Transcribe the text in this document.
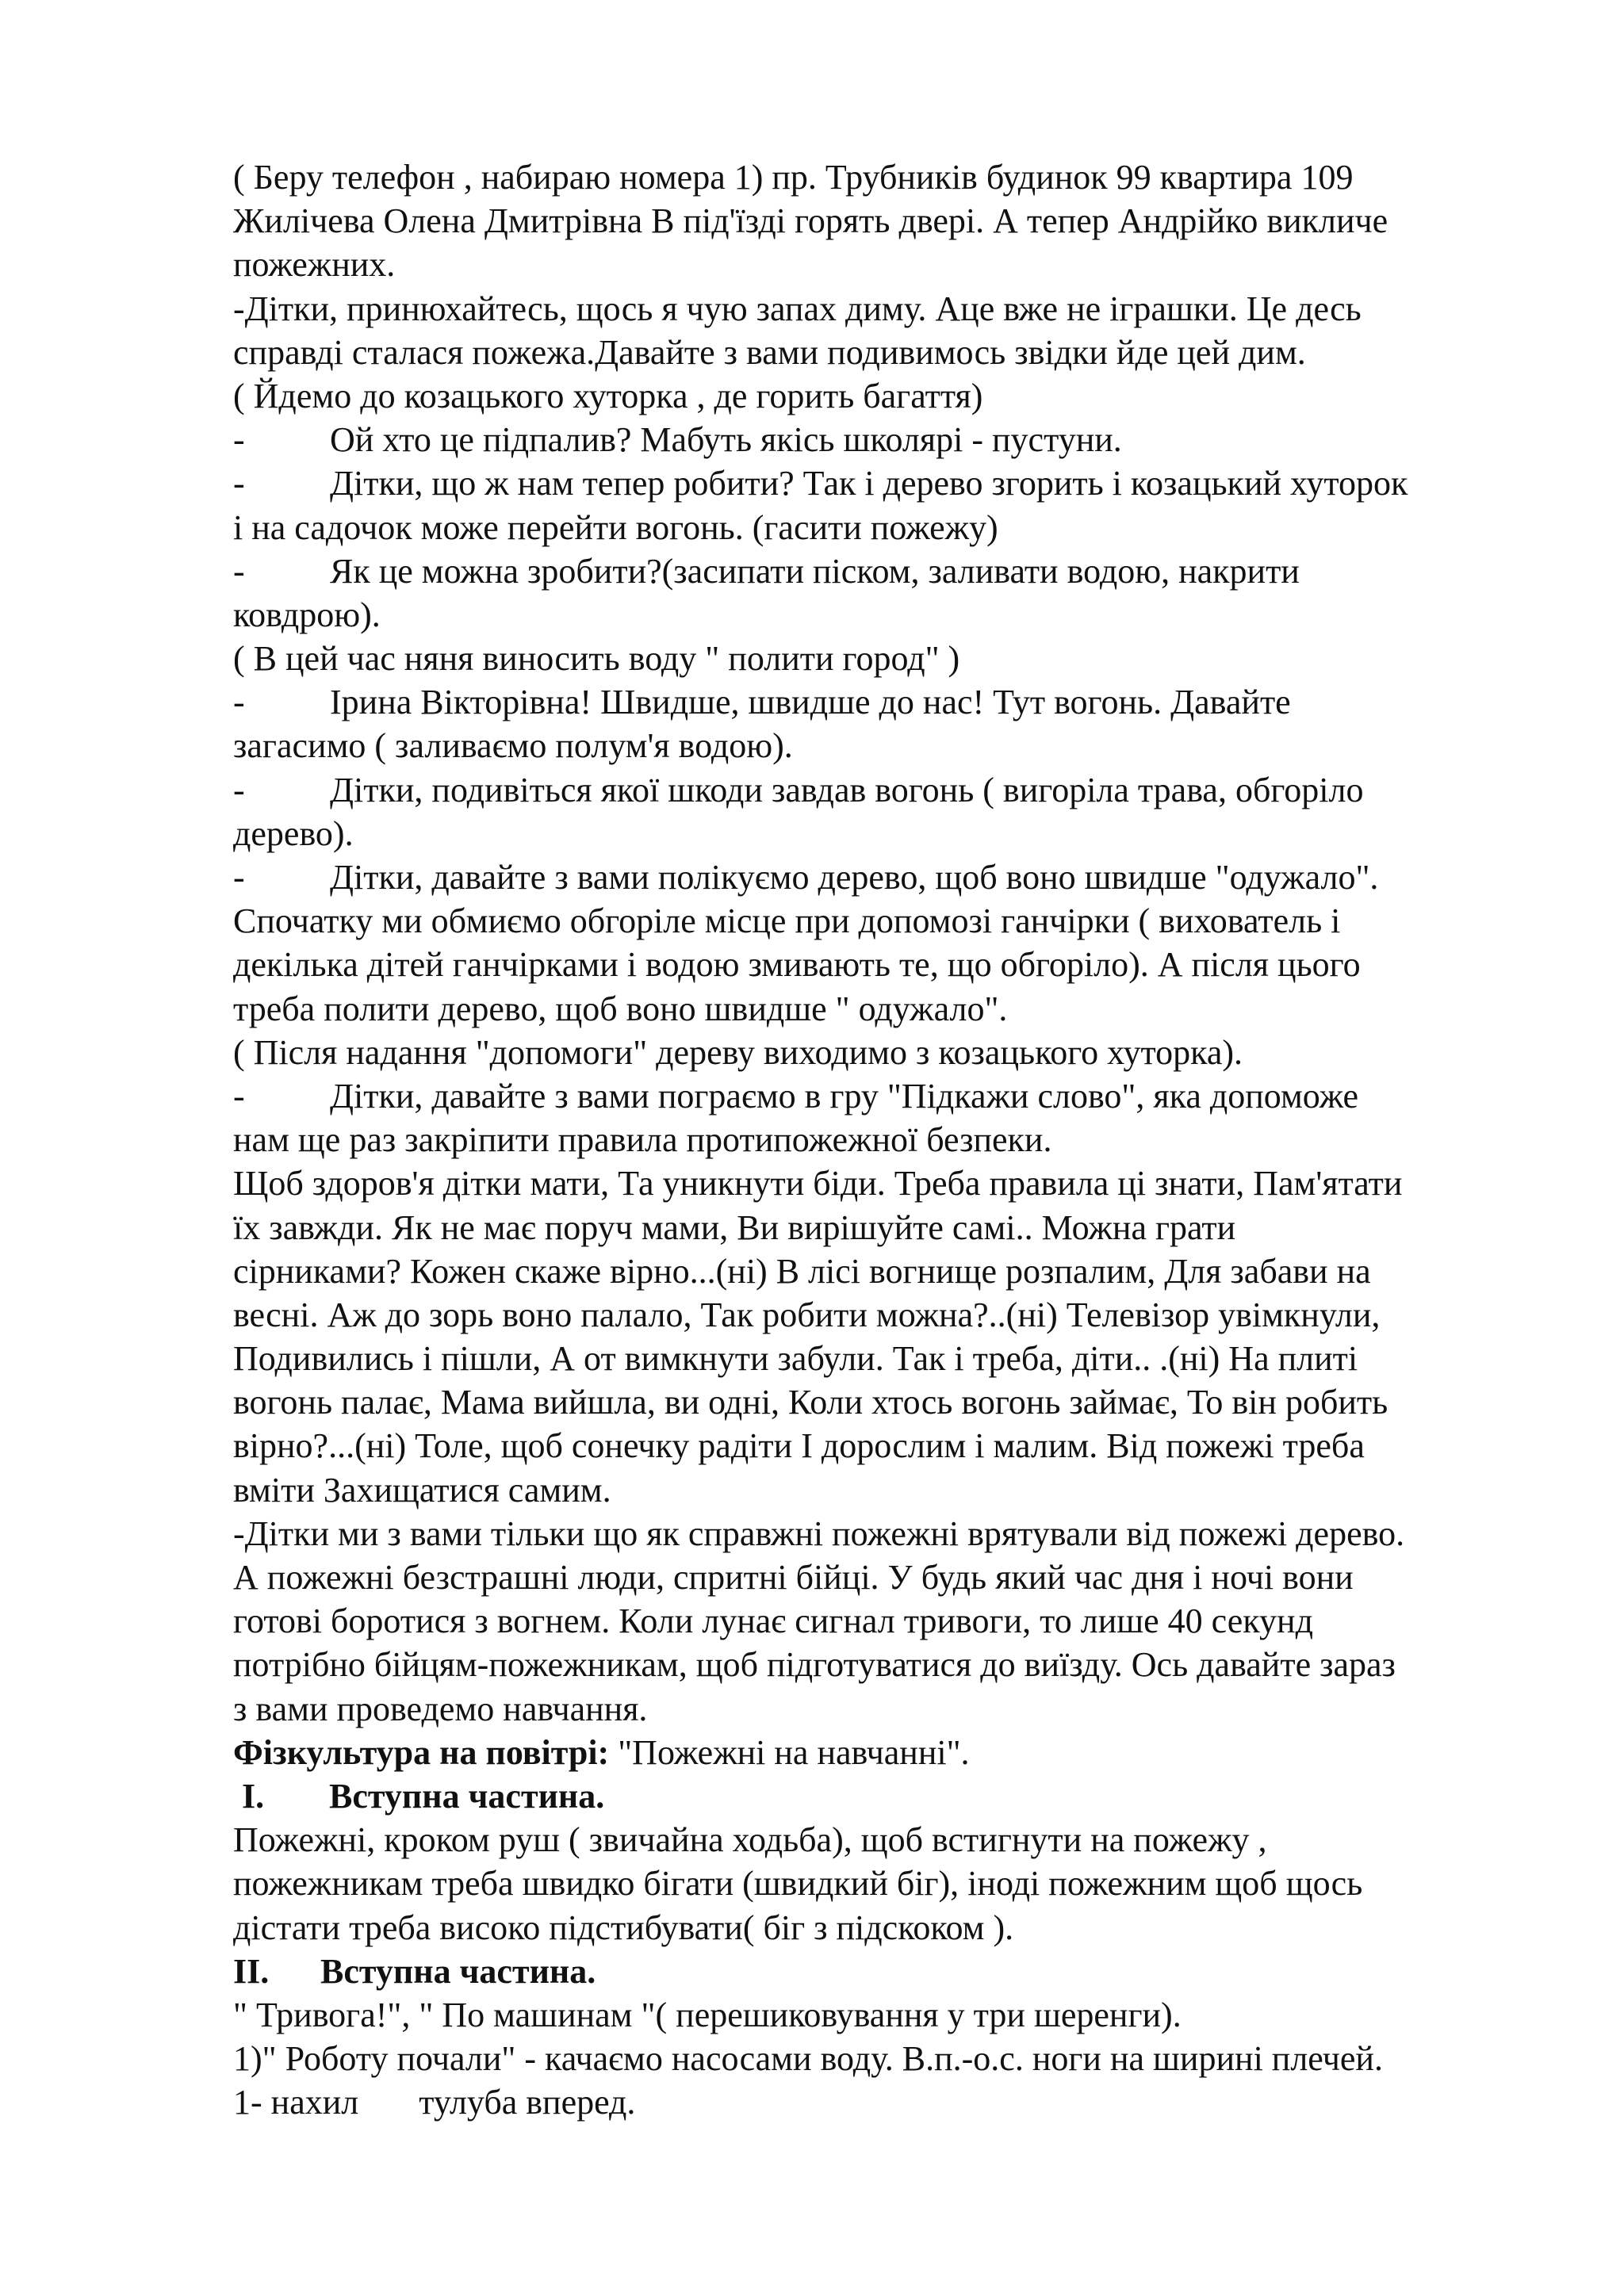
( Беру телефон , набираю номера 1) пр. Трубників будинок 99 квартира 109
Жилічева Олена Дмитрівна В під'їзді горять двері. А тепер Андрійко викличе
пожежних.
-Дітки, принюхайтесь, щось я чую запах диму. Аце вже не іграшки. Це десь
справді сталася пожежа.Давайте з вами подивимось звідки йде цей дим.
( Йдемо до козацького хуторка , де горить багаття)
- Ой хто це підпалив? Мабуть якісь школярі - пустуни.
- Дітки, що ж нам тепер робити? Так і дерево згорить і козацький хуторок
і на садочок може перейти вогонь. (гасити пожежу)
- Як це можна зробити?(засипати піском, заливати водою, накрити
ковдрою).
( В цей час няня виносить воду " полити город" )
- Ірина Вікторівна! Швидше, швидше до нас! Тут вогонь. Давайте
загасимо ( заливаємо полум'я водою).
- Дітки, подивіться якої шкоди завдав вогонь ( вигоріла трава, обгоріло
дерево).
- Дітки, давайте з вами полікуємо дерево, щоб воно швидше "одужало".
Спочатку ми обмиємо обгоріле місце при допомозі ганчірки ( вихователь і
декілька дітей ганчірками і водою змивають те, що обгоріло). А після цього
треба полити дерево, щоб воно швидше " одужало".
( Після надання "допомоги" дереву виходимо з козацького хуторка).
- Дітки, давайте з вами пограємо в гру "Підкажи слово", яка допоможе
нам ще раз закріпити правила протипожежної безпеки.
Щоб здоров'я дітки мати, Та уникнути біди. Треба правила ці знати, Пам'ятати
їх завжди. Як не має поруч мами, Ви вирішуйте самі.. Можна грати
сірниками? Кожен скаже вірно...(ні) В лісі вогнище розпалим, Для забави на
весні. Аж до зорь воно палало, Так робити можна?..(ні) Телевізор увімкнули,
Подивились і пішли, А от вимкнути забули. Так і треба, діти.. .(ні) На плиті
вогонь палає, Мама вийшла, ви одні, Коли хтось вогонь займає, То він робить
вірно?...(ні) Толе, щоб сонечку радіти І дорослим і малим. Від пожежі треба
вміти Захищатися самим.
-Дітки ми з вами тільки що як справжні пожежні врятували від пожежі дерево.
А пожежні безстрашні люди, спритні бійці. У будь який час дня і ночі вони
готові боротися з вогнем. Коли лунає сигнал тривоги, то лише 40 секунд
потрібно бійцям-пожежникам, щоб підготуватися до виїзду. Ось давайте зараз
з вами проведемо навчання.
Фізкультура на повітрі: "Пожежні на навчанні".
I. Вступна частина.
Пожежні, кроком руш ( звичайна ходьба), щоб встигнути на пожежу ,
пожежникам треба швидко бігати (швидкий біг), іноді пожежним щоб щось
дістати треба високо підстибувати( біг з підскоком ).
II. Вступна частина.
" Тривога!", " По машинам "( перешиковування у три шеренги).
1)" Роботу почали" - качаємо насосами воду. В.п.-о.с. ноги на ширині плечей.
1- нахил тулуба вперед.
